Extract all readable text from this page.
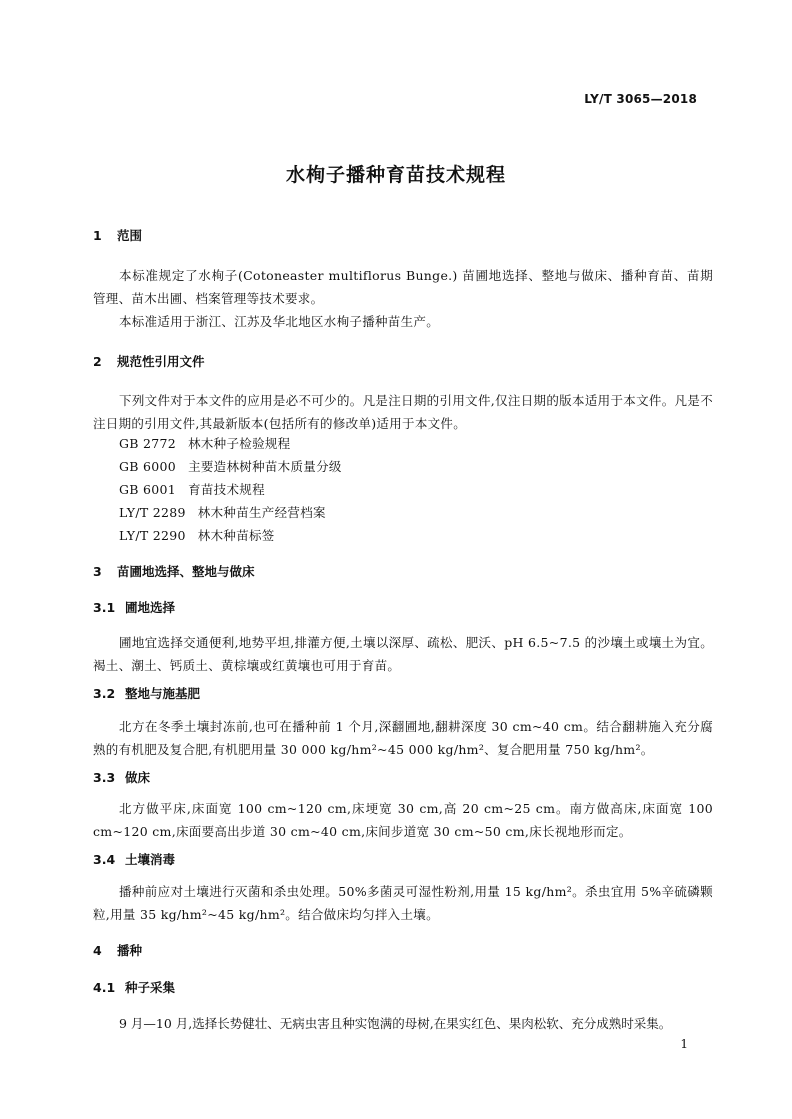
LY/T 3065—2018
水栒子播种育苗技术规程
1 范围
本标准规定了水栒子(Cotoneaster multiflorus Bunge.) 苗圃地选择、整地与做床、播种育苗、苗期管理、苗木出圃、档案管理等技术要求。
本标准适用于浙江、江苏及华北地区水栒子播种苗生产。
2 规范性引用文件
下列文件对于本文件的应用是必不可少的。凡是注日期的引用文件,仅注日期的版本适用于本文件。凡是不注日期的引用文件,其最新版本(包括所有的修改单)适用于本文件。
GB 2772 林木种子检验规程
GB 6000 主要造林树种苗木质量分级
GB 6001 育苗技术规程
LY/T 2289 林木种苗生产经营档案
LY/T 2290 林木种苗标签
3 苗圃地选择、整地与做床
3.1 圃地选择
圃地宜选择交通便利,地势平坦,排灌方便,土壤以深厚、疏松、肥沃、pH 6.5~7.5 的沙壤土或壤土为宜。褐土、潮土、钙质土、黄棕壤或红黄壤也可用于育苗。
3.2 整地与施基肥
北方在冬季土壤封冻前,也可在播种前 1 个月,深翻圃地,翻耕深度 30 cm~40 cm。结合翻耕施入充分腐熟的有机肥及复合肥,有机肥用量 30 000 kg/hm²~45 000 kg/hm²、复合肥用量 750 kg/hm²。
3.3 做床
北方做平床,床面宽 100 cm~120 cm,床埂宽 30 cm,高 20 cm~25 cm。南方做高床,床面宽 100 cm~120 cm,床面要高出步道 30 cm~40 cm,床间步道宽 30 cm~50 cm,床长视地形而定。
3.4 土壤消毒
播种前应对土壤进行灭菌和杀虫处理。50%多菌灵可湿性粉剂,用量 15 kg/hm²。杀虫宜用 5%辛硫磷颗粒,用量 35 kg/hm²~45 kg/hm²。结合做床均匀拌入土壤。
4 播种
4.1 种子采集
9 月—10 月,选择长势健壮、无病虫害且种实饱满的母树,在果实红色、果肉松软、充分成熟时采集。
1
